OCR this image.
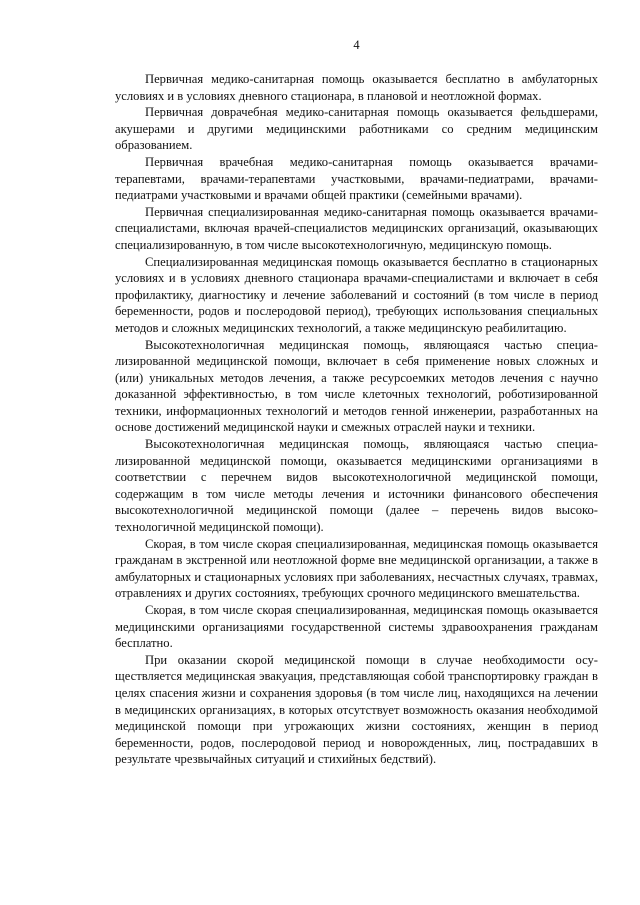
4

Первичная медико-санитарная помощь оказывается бесплатно в амбулаторных условиях и в условиях дневного стационара, в плановой и неотложной формах.

Первичная доврачебная медико-санитарная помощь оказывается фельдшерами, акушерами и другими медицинскими работниками со средним медицинским образованием.

Первичная врачебная медико-санитарная помощь оказывается врачами-терапевтами, врачами-терапевтами участковыми, врачами-педиатрами, врачами-педиатрами участковыми и врачами общей практики (семейными врачами).

Первичная специализированная медико-санитарная помощь оказывается врачами-специалистами, включая врачей-специалистов медицинских организаций, оказывающих специализированную, в том числе высокотехнологичную, медицинскую помощь.

Специализированная медицинская помощь оказывается бесплатно в стационарных условиях и в условиях дневного стационара врачами-специалистами и включает в себя профилактику, диагностику и лечение заболеваний и состояний (в том числе в период беременности, родов и послеродовой период), требующих использования специальных методов и сложных медицинских технологий, а также медицинскую реабилитацию.

Высокотехнологичная медицинская помощь, являющаяся частью специализированной медицинской помощи, включает в себя применение новых сложных и (или) уникальных методов лечения, а также ресурсоемких методов лечения с научно доказанной эффективностью, в том числе клеточных технологий, роботизированной техники, информационных технологий и методов генной инженерии, разработанных на основе достижений медицинской науки и смежных отраслей науки и техники.

Высокотехнологичная медицинская помощь, являющаяся частью специализированной медицинской помощи, оказывается медицинскими организациями в соответствии с перечнем видов высокотехнологичной медицинской помощи, содержащим в том числе методы лечения и источники финансового обеспечения высокотехнологичной медицинской помощи (далее – перечень видов высокотехнологичной медицинской помощи).

Скорая, в том числе скорая специализированная, медицинская помощь оказывается гражданам в экстренной или неотложной форме вне медицинской организации, а также в амбулаторных и стационарных условиях при заболеваниях, несчастных случаях, травмах, отравлениях и других состояниях, требующих срочного медицинского вмешательства.

Скорая, в том числе скорая специализированная, медицинская помощь оказывается медицинскими организациями государственной системы здравоохранения гражданам бесплатно.

При оказании скорой медицинской помощи в случае необходимости осуществляется медицинская эвакуация, представляющая собой транспортировку граждан в целях спасения жизни и сохранения здоровья (в том числе лиц, находящихся на лечении в медицинских организациях, в которых отсутствует возможность оказания необходимой медицинской помощи при угрожающих жизни состояниях, женщин в период беременности, родов, послеродовой период и новорожденных, лиц, пострадавших в результате чрезвычайных ситуаций и стихийных бедствий).
